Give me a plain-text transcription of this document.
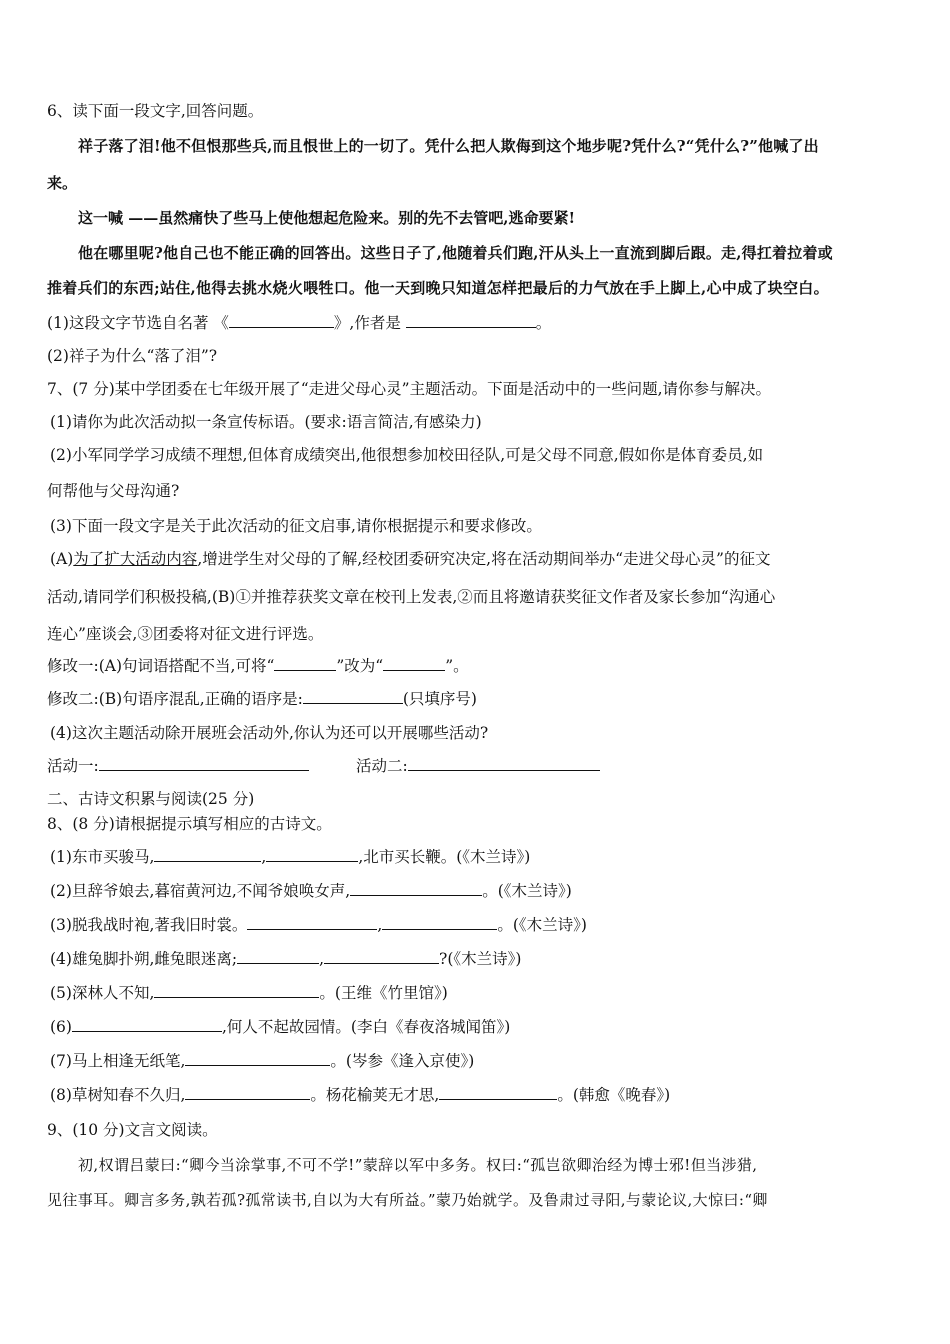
6、读下面一段文字,回答问题。
祥子落了泪!他不但恨那些兵,而且恨世上的一切了。凭什么把人欺侮到这个地步呢?凭什么?“凭什么?”他喊了出
来。
这一喊 ——虽然痛快了些马上使他想起危险来。别的先不去管吧,逃命要紧!
他在哪里呢?他自己也不能正确的回答出。这些日子了,他随着兵们跑,汗从头上一直流到脚后跟。走,得扛着拉着或
推着兵们的东西;站住,他得去挑水烧火喂牲口。他一天到晚只知道怎样把最后的力气放在手上脚上,心中成了块空白。
(1)这段文字节选自名著 《	》,作者是	。
(2)祥子为什么“落了泪”?
7、(7 分)某中学团委在七年级开展了“走进父母心灵”主题活动。下面是活动中的一些问题,请你参与解决。
(1)请你为此次活动拟一条宣传标语。(要求:语言简洁,有感染力)
(2)小军同学学习成绩不理想,但体育成绩突出,他很想参加校田径队,可是父母不同意,假如你是体育委员,如
何帮他与父母沟通?
(3)下面一段文字是关于此次活动的征文启事,请你根据提示和要求修改。
(A)为了扩大活动内容,增进学生对父母的了解,经校团委研究决定,将在活动期间举办“走进父母心灵”的征文
活动,请同学们积极投稿,(B)①并推荐获奖文章在校刊上发表,②而且将邀请获奖征文作者及家长参加“沟通心
连心”座谈会,③团委将对征文进行评选。
修改一:(A)句词语搭配不当,可将“	”改为“	”。
修改二:(B)句语序混乱,正确的语序是:	(只填序号)
(4)这次主题活动除开展班会活动外,你认为还可以开展哪些活动?
活动一:	活动二:
二、古诗文积累与阅读(25 分)
8、(8 分)请根据提示填写相应的古诗文。
(1)东市买骏马,	,	,北市买长鞭。(《木兰诗》)
(2)旦辞爷娘去,暮宿黄河边,不闻爷娘唤女声,	。(《木兰诗》)
(3)脱我战时袍,著我旧时裳。	,	。(《木兰诗》)
(4)雄兔脚扑朔,雌兔眼迷离;	,	?(《木兰诗》)
(5)深林人不知,	。(王维《竹里馆》)
(6)	,何人不起故园情。(李白《春夜洛城闻笛》)
(7)马上相逢无纸笔,	。(岑参《逢入京使》)
(8)草树知春不久归,	。杨花榆荚无才思,	。(韩愈《晚春》)
9、(10 分)文言文阅读。
初,权谓吕蒙曰:“卿今当涂掌事,不可不学!”蒙辞以军中多务。权曰:“孤岂欲卿治经为博士邪!但当涉猎,
见往事耳。卿言多务,孰若孤?孤常读书,自以为大有所益。”蒙乃始就学。及鲁肃过寻阳,与蒙论议,大惊曰:“卿
